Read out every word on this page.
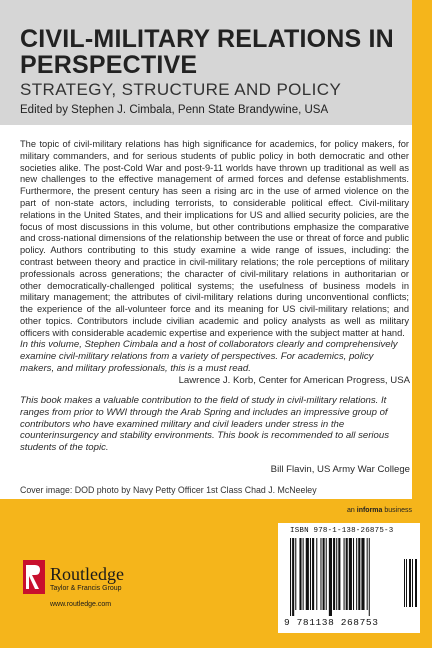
CIVIL-MILITARY RELATIONS IN PERSPECTIVE
STRATEGY, STRUCTURE AND POLICY
Edited by Stephen J. Cimbala, Penn State Brandywine, USA
The topic of civil-military relations has high significance for academics, for policy makers, for military commanders, and for serious students of public policy in both democratic and other societies alike. The post-Cold War and post-9-11 worlds have thrown up traditional as well as new challenges to the effective management of armed forces and defense establishments. Furthermore, the present century has seen a rising arc in the use of armed violence on the part of non-state actors, including terrorists, to considerable political effect. Civil-military relations in the United States, and their implications for US and allied security policies, are the focus of most discussions in this volume, but other contributions emphasize the comparative and cross-national dimensions of the relationship between the use or threat of force and public policy. Authors contributing to this study examine a wide range of issues, including: the contrast between theory and practice in civil-military relations; the role perceptions of military professionals across generations; the character of civil-military relations in authoritarian or other democratically-challenged political systems; the usefulness of business models in military management; the attributes of civil-military relations during unconventional conflicts; the experience of the all-volunteer force and its meaning for US civil-military relations; and other topics. Contributors include civilian academic and policy analysts as well as military officers with considerable academic expertise and experience with the subject matter at hand.
In this volume, Stephen Cimbala and a host of collaborators clearly and comprehensively examine civil-military relations from a variety of perspectives. For academics, policy makers, and military professionals, this is a must read.
Lawrence J. Korb, Center for American Progress, USA
This book makes a valuable contribution to the field of study in civil-military relations. It ranges from prior to WWI through the Arab Spring and includes an impressive group of contributors who have examined military and civil leaders under stress in the counterinsurgency and stability environments. This book is recommended to all serious students of the topic.
Bill Flavin, US Army War College
Cover image: DOD photo by Navy Petty Officer 1st Class Chad J. McNeeley
an informa business
Routledge
Taylor & Francis Group
www.routledge.com
ISBN 978-1-138-26875-3
9 781138 268753
